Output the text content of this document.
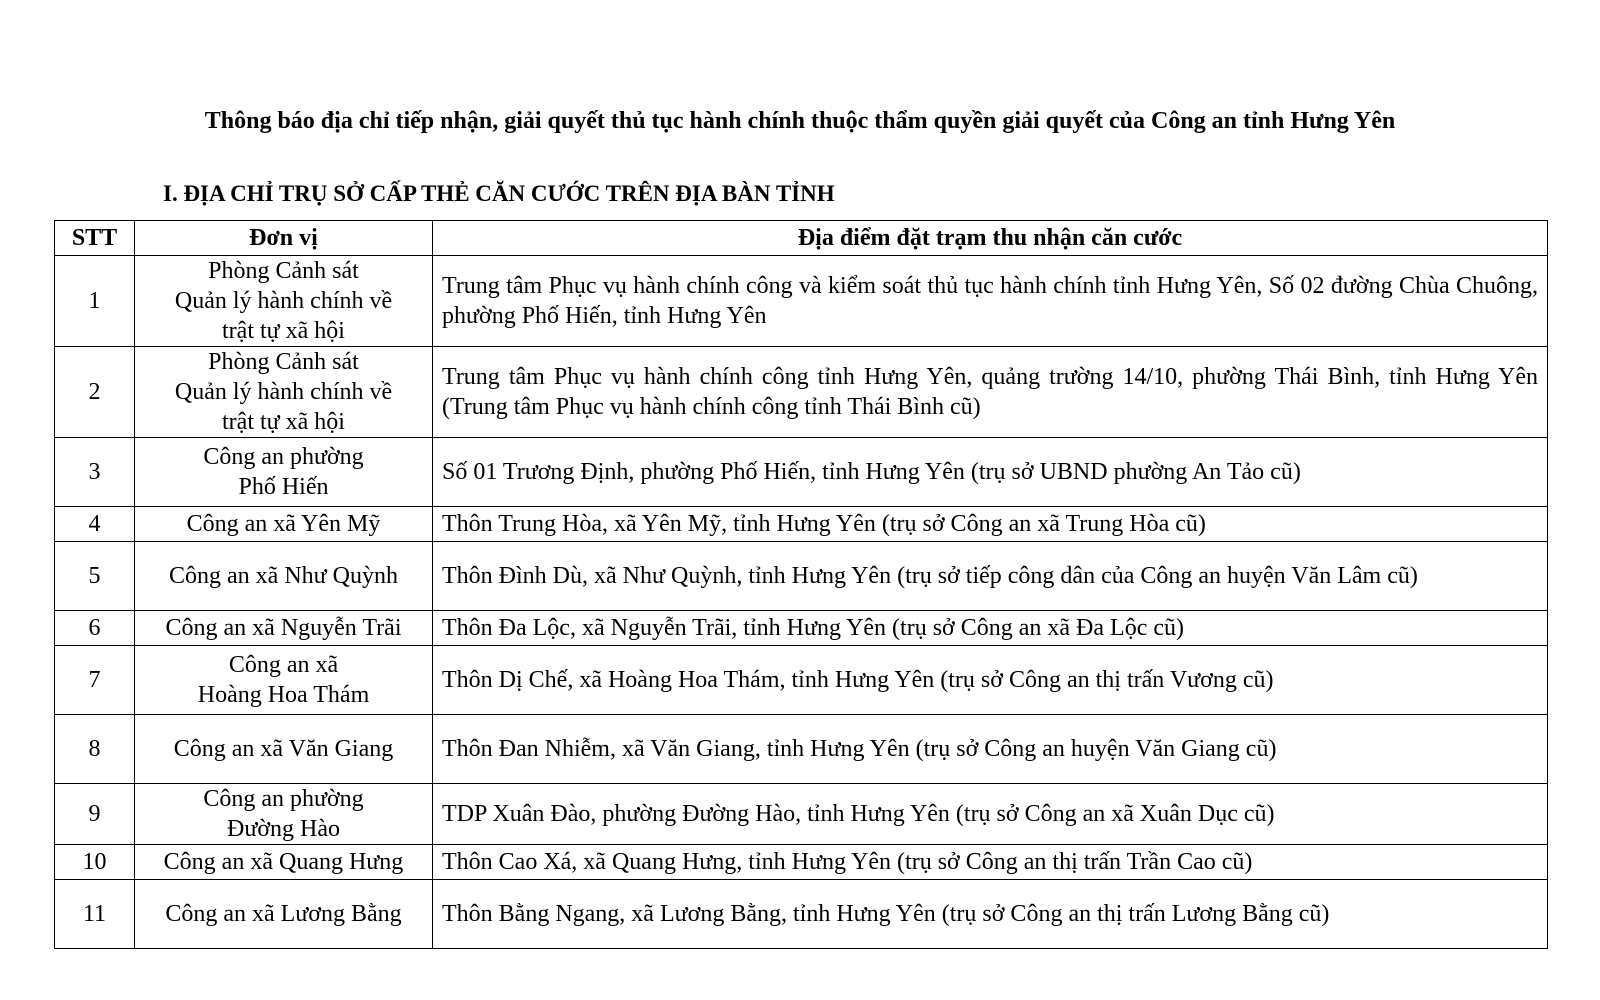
Thông báo địa chỉ tiếp nhận, giải quyết thủ tục hành chính thuộc thẩm quyền giải quyết của Công an tỉnh Hưng Yên
I. ĐỊA CHỈ TRỤ SỞ CẤP THẺ CĂN CƯỚC TRÊN ĐỊA BÀN TỈNH
STT	Đơn vị	Địa điểm đặt trạm thu nhận căn cước
1	Phòng Cảnh sát
Quản lý hành chính về
trật tự xã hội	Trung tâm Phục vụ hành chính công và kiểm soát thủ tục hành chính tỉnh Hưng Yên, Số 02 đường Chùa Chuông, phường Phố Hiến, tỉnh Hưng Yên
2	Phòng Cảnh sát
Quản lý hành chính về
trật tự xã hội	Trung tâm Phục vụ hành chính công tỉnh Hưng Yên, quảng trường 14/10, phường Thái Bình, tỉnh Hưng Yên (Trung tâm Phục vụ hành chính công tỉnh Thái Bình cũ)
3	Công an phường
Phố Hiến	Số 01 Trương Định, phường Phố Hiến, tỉnh Hưng Yên (trụ sở UBND phường An Tảo cũ)
4	Công an xã Yên Mỹ	Thôn Trung Hòa, xã Yên Mỹ, tỉnh Hưng Yên (trụ sở Công an xã Trung Hòa cũ)
5	Công an xã Như Quỳnh	Thôn Đình Dù, xã Như Quỳnh, tỉnh Hưng Yên (trụ sở tiếp công dân của Công an huyện Văn Lâm cũ)
6	Công an xã Nguyễn Trãi	Thôn Đa Lộc, xã Nguyễn Trãi, tỉnh Hưng Yên (trụ sở Công an xã Đa Lộc cũ)
7	Công an xã
Hoàng Hoa Thám	Thôn Dị Chế, xã Hoàng Hoa Thám, tỉnh Hưng Yên (trụ sở Công an thị trấn Vương cũ)
8	Công an xã Văn Giang	Thôn Đan Nhiễm, xã Văn Giang, tỉnh Hưng Yên (trụ sở Công an huyện Văn Giang cũ)
9	Công an phường
Đường Hào	TDP Xuân Đào, phường Đường Hào, tỉnh Hưng Yên (trụ sở Công an xã Xuân Dục cũ)
10	Công an xã Quang Hưng	Thôn Cao Xá, xã Quang Hưng, tỉnh Hưng Yên (trụ sở Công an thị trấn Trần Cao cũ)
11	Công an xã Lương Bằng	Thôn Bằng Ngang, xã Lương Bằng, tỉnh Hưng Yên (trụ sở Công an thị trấn Lương Bằng cũ)
